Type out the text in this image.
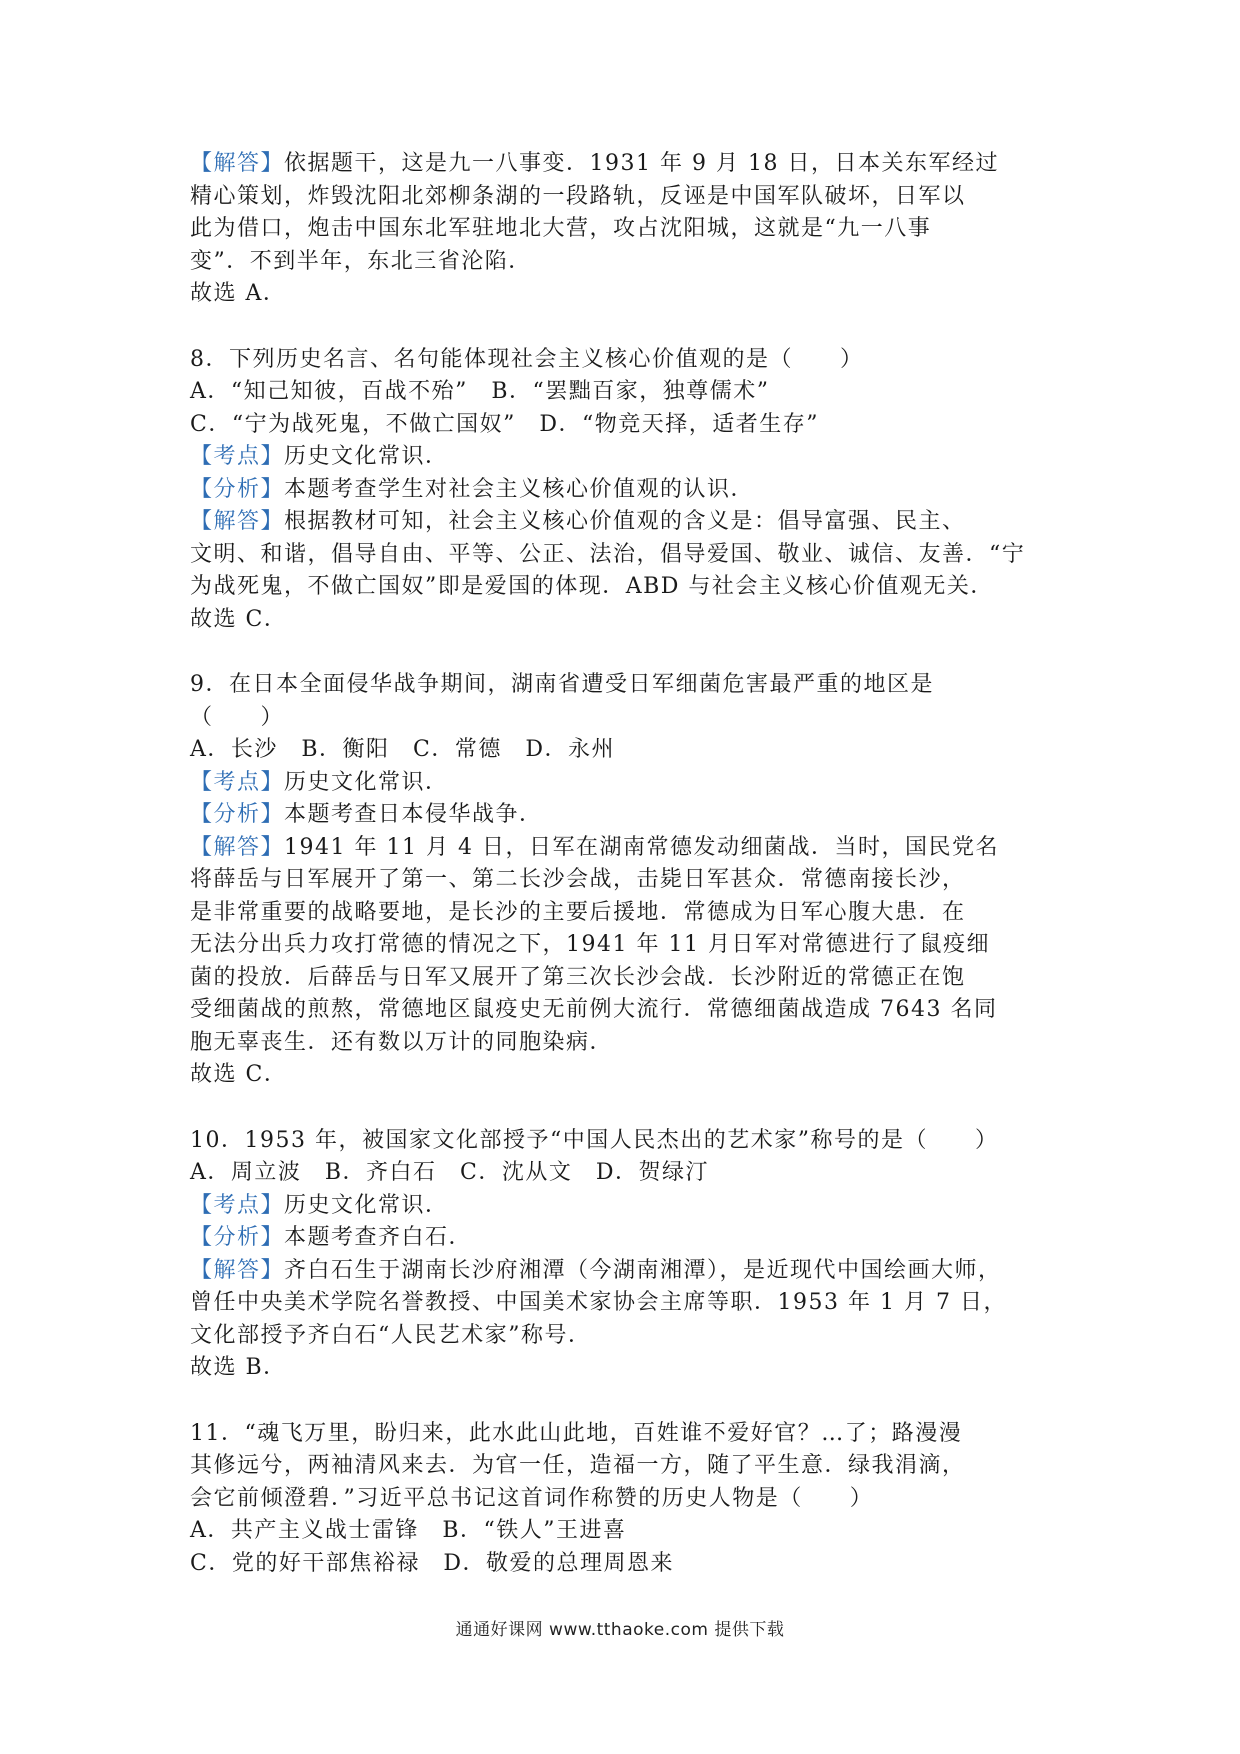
【解答】依据题干，这是九一八事变．1931 年 9 月 18 日，日本关东军经过
精心策划，炸毁沈阳北郊柳条湖的一段路轨，反诬是中国军队破坏，日军以
此为借口，炮击中国东北军驻地北大营，攻占沈阳城，这就是“九一八事
变”．不到半年，东北三省沦陷．
故选 A．
8．下列历史名言、名句能体现社会主义核心价值观的是（　　）
A．“知己知彼，百战不殆”　B．“罢黜百家，独尊儒术”
C．“宁为战死鬼，不做亡国奴”　D．“物竞天择，适者生存”
【考点】历史文化常识．
【分析】本题考查学生对社会主义核心价值观的认识．
【解答】根据教材可知，社会主义核心价值观的含义是：倡导富强、民主、
文明、和谐，倡导自由、平等、公正、法治，倡导爱国、敬业、诚信、友善．“宁
为战死鬼，不做亡国奴”即是爱国的体现．ABD 与社会主义核心价值观无关．
故选 C．
9．在日本全面侵华战争期间，湖南省遭受日军细菌危害最严重的地区是
（　　）
A．长沙　B．衡阳　C．常德　D．永州
【考点】历史文化常识．
【分析】本题考查日本侵华战争．
【解答】1941 年 11 月 4 日，日军在湖南常德发动细菌战．当时，国民党名
将薛岳与日军展开了第一、第二长沙会战，击毙日军甚众．常德南接长沙，
是非常重要的战略要地，是长沙的主要后援地．常德成为日军心腹大患．在
无法分出兵力攻打常德的情况之下，1941 年 11 月日军对常德进行了鼠疫细
菌的投放．后薛岳与日军又展开了第三次长沙会战．长沙附近的常德正在饱
受细菌战的煎熬，常德地区鼠疫史无前例大流行．常德细菌战造成 7643 名同
胞无辜丧生．还有数以万计的同胞染病．
故选 C．
10．1953 年，被国家文化部授予“中国人民杰出的艺术家”称号的是（　　）
A．周立波　B．齐白石　C．沈从文　D．贺绿汀
【考点】历史文化常识．
【分析】本题考查齐白石．
【解答】齐白石生于湖南长沙府湘潭（今湖南湘潭），是近现代中国绘画大师，
曾任中央美术学院名誉教授、中国美术家协会主席等职．1953 年 1 月 7 日，
文化部授予齐白石“人民艺术家”称号．
故选 B．
11．“魂飞万里，盼归来，此水此山此地，百姓谁不爱好官？…了；路漫漫
其修远兮，两袖清风来去．为官一任，造福一方，随了平生意．绿我涓滴，
会它前倾澄碧．”习近平总书记这首词作称赞的历史人物是（　　）
A．共产主义战士雷锋　B．“铁人”王进喜
C．党的好干部焦裕禄　D．敬爱的总理周恩来
通通好课网 www.tthaoke.com 提供下载
